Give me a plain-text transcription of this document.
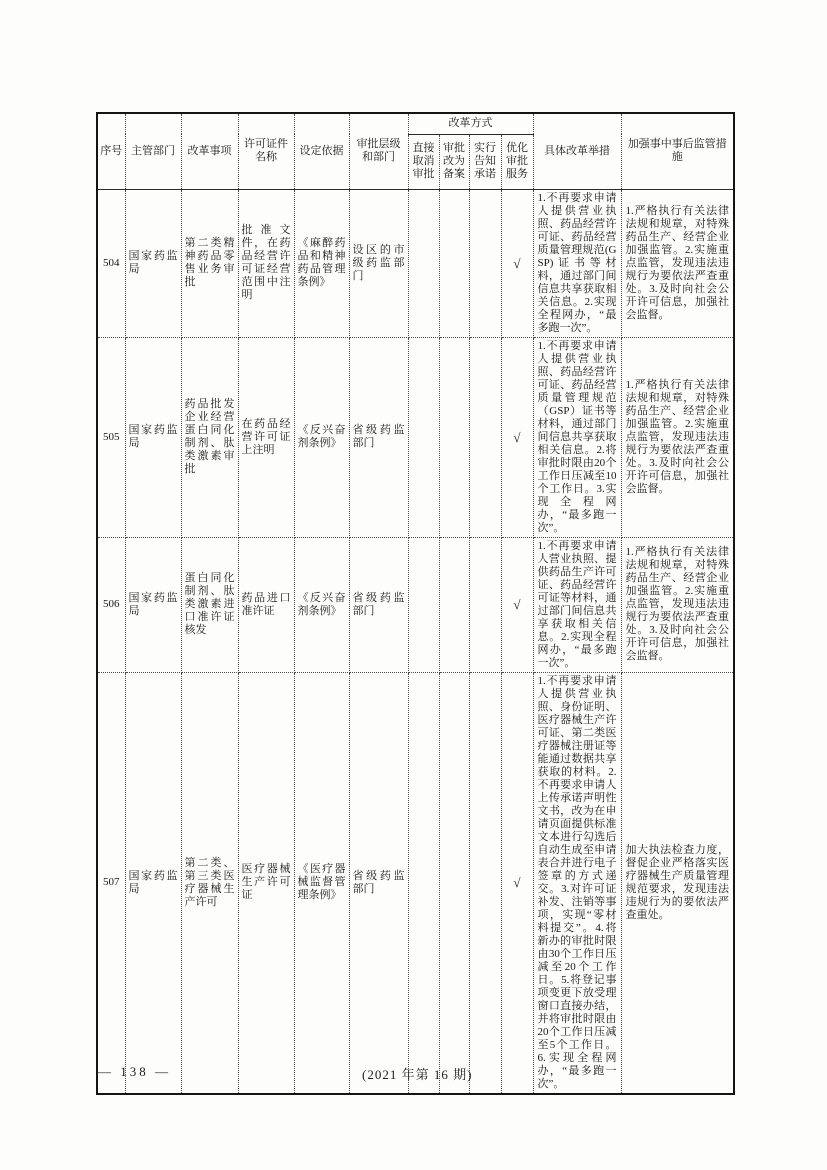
序号	主管部门	改革事项	许可证件名称	设定依据	审批层级和部门	改革方式				具体改革举措	加强事中事后监管措施
						直接取消审批	审批改为备案	实行告知承诺	优化审批服务		
504	国家药监局	第二类精神药品零售业务审批	批准文件，在药品经营许可证经营范围中注明	《麻醉药品和精神药品管理条例》	设区的市级药监部门				√	1.不再要求申请人提供营业执照、药品经营许可证、药品经营质量管理规范(GSP)证书等材料，通过部门间信息共享获取相关信息。2.实现全程网办，“最多跑一次”。	1.严格执行有关法律法规和规章，对特殊药品生产、经营企业加强监管。2.实施重点监管，发现违法违规行为要依法严查重处。3.及时向社会公开许可信息，加强社会监督。
505	国家药监局	药品批发企业经营蛋白同化制剂、肽类激素审批	在药品经营许可证上注明	《反兴奋剂条例》	省级药监部门				√	1.不再要求申请人提供营业执照、药品经营许可证、药品经营质量管理规范（GSP）证书等材料，通过部门间信息共享获取相关信息。2.将审批时限由20个工作日压减至10个工作日。3.实现全程网办，“最多跑一次”。	1.严格执行有关法律法规和规章，对特殊药品生产、经营企业加强监管。2.实施重点监管，发现违法违规行为要依法严查重处。3.及时向社会公开许可信息，加强社会监督。
506	国家药监局	蛋白同化制剂、肽类激素进口准许证核发	药品进口准许证	《反兴奋剂条例》	省级药监部门				√	1.不再要求申请人营业执照、提供药品生产许可证、药品经营许可证等材料，通过部门间信息共享获取相关信息。2.实现全程网办，“最多跑一次”。	1.严格执行有关法律法规和规章，对特殊药品生产、经营企业加强监管。2.实施重点监管，发现违法违规行为要依法严查重处。3.及时向社会公开许可信息，加强社会监督。
507	国家药监局	第二类、第三类医疗器械生产许可	医疗器械生产许可证	《医疗器械监督管理条例》	省级药监部门				√	1.不再要求申请人提供营业执照、身份证明、医疗器械生产许可证、第二类医疗器械注册证等能通过数据共享获取的材料。2.不再要求申请人上传承诺声明性文书，改为在申请页面提供标准文本进行勾选后自动生成至申请表合并进行电子签章的方式递交。3.对许可证补发、注销等事项，实现“零材料提交”。4.将新办的审批时限由30个工作日压减至20个工作日。5.将登记事项变更下放受理窗口直接办结，并将审批时限由20个工作日压减至5个工作日。6.实现全程网办，“最多跑一次”。	加大执法检查力度，督促企业严格落实医疗器械生产质量管理规范要求，发现违法违规行为的要依法严查重处。
— 138 —	(2021 年第 16 期)
